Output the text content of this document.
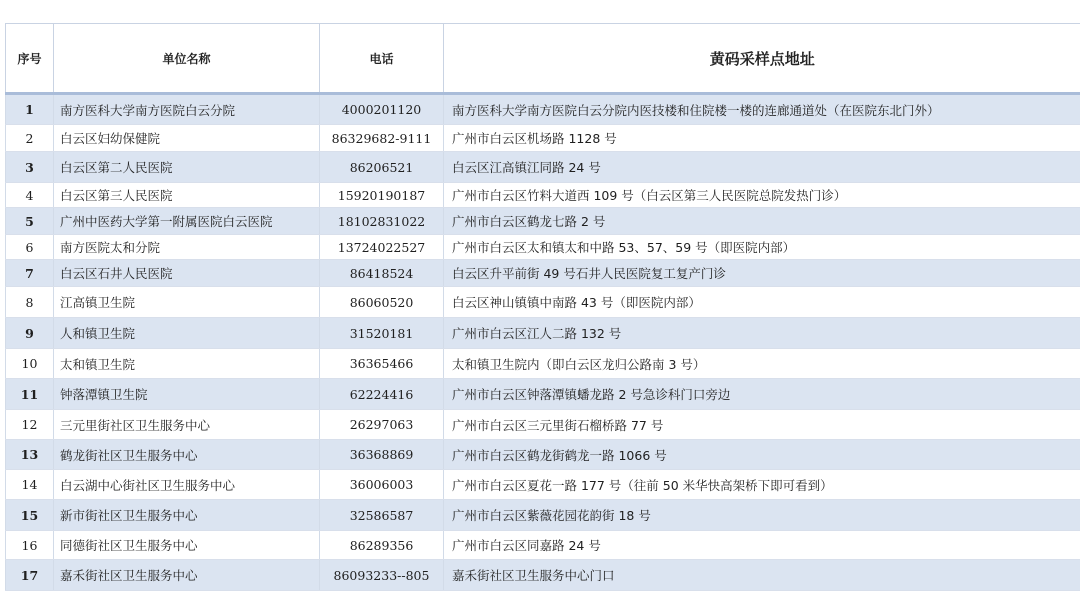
序号	单位名称	电话	黄码采样点地址
1	南方医科大学南方医院白云分院	4000201120	南方医科大学南方医院白云分院内医技楼和住院楼一楼的连廊通道处（在医院东北门外）
2	白云区妇幼保健院	86329682-9111	广州市白云区机场路 1128 号
3	白云区第二人民医院	86206521	白云区江高镇江同路 24 号
4	白云区第三人民医院	15920190187	广州市白云区竹料大道西 109 号（白云区第三人民医院总院发热门诊）
5	广州中医药大学第一附属医院白云医院	18102831022	广州市白云区鹤龙七路 2 号
6	南方医院太和分院	13724022527	广州市白云区太和镇太和中路 53、57、59 号（即医院内部）
7	白云区石井人民医院	86418524	白云区升平前街 49 号石井人民医院复工复产门诊
8	江高镇卫生院	86060520	白云区神山镇镇中南路 43 号（即医院内部）
9	人和镇卫生院	31520181	广州市白云区江人二路 132 号
10	太和镇卫生院	36365466	太和镇卫生院内（即白云区龙归公路南 3 号）
11	钟落潭镇卫生院	62224416	广州市白云区钟落潭镇蟠龙路 2 号急诊科门口旁边
12	三元里街社区卫生服务中心	26297063	广州市白云区三元里街石榴桥路 77 号
13	鹤龙街社区卫生服务中心	36368869	广州市白云区鹤龙街鹤龙一路 1066 号
14	白云湖中心街社区卫生服务中心	36006003	广州市白云区夏花一路 177 号（往前 50 米华快高架桥下即可看到）
15	新市街社区卫生服务中心	32586587	广州市白云区紫薇花园花韵街 18 号
16	同德街社区卫生服务中心	86289356	广州市白云区同嘉路 24 号
17	嘉禾街社区卫生服务中心	86093233--805	嘉禾街社区卫生服务中心门口
